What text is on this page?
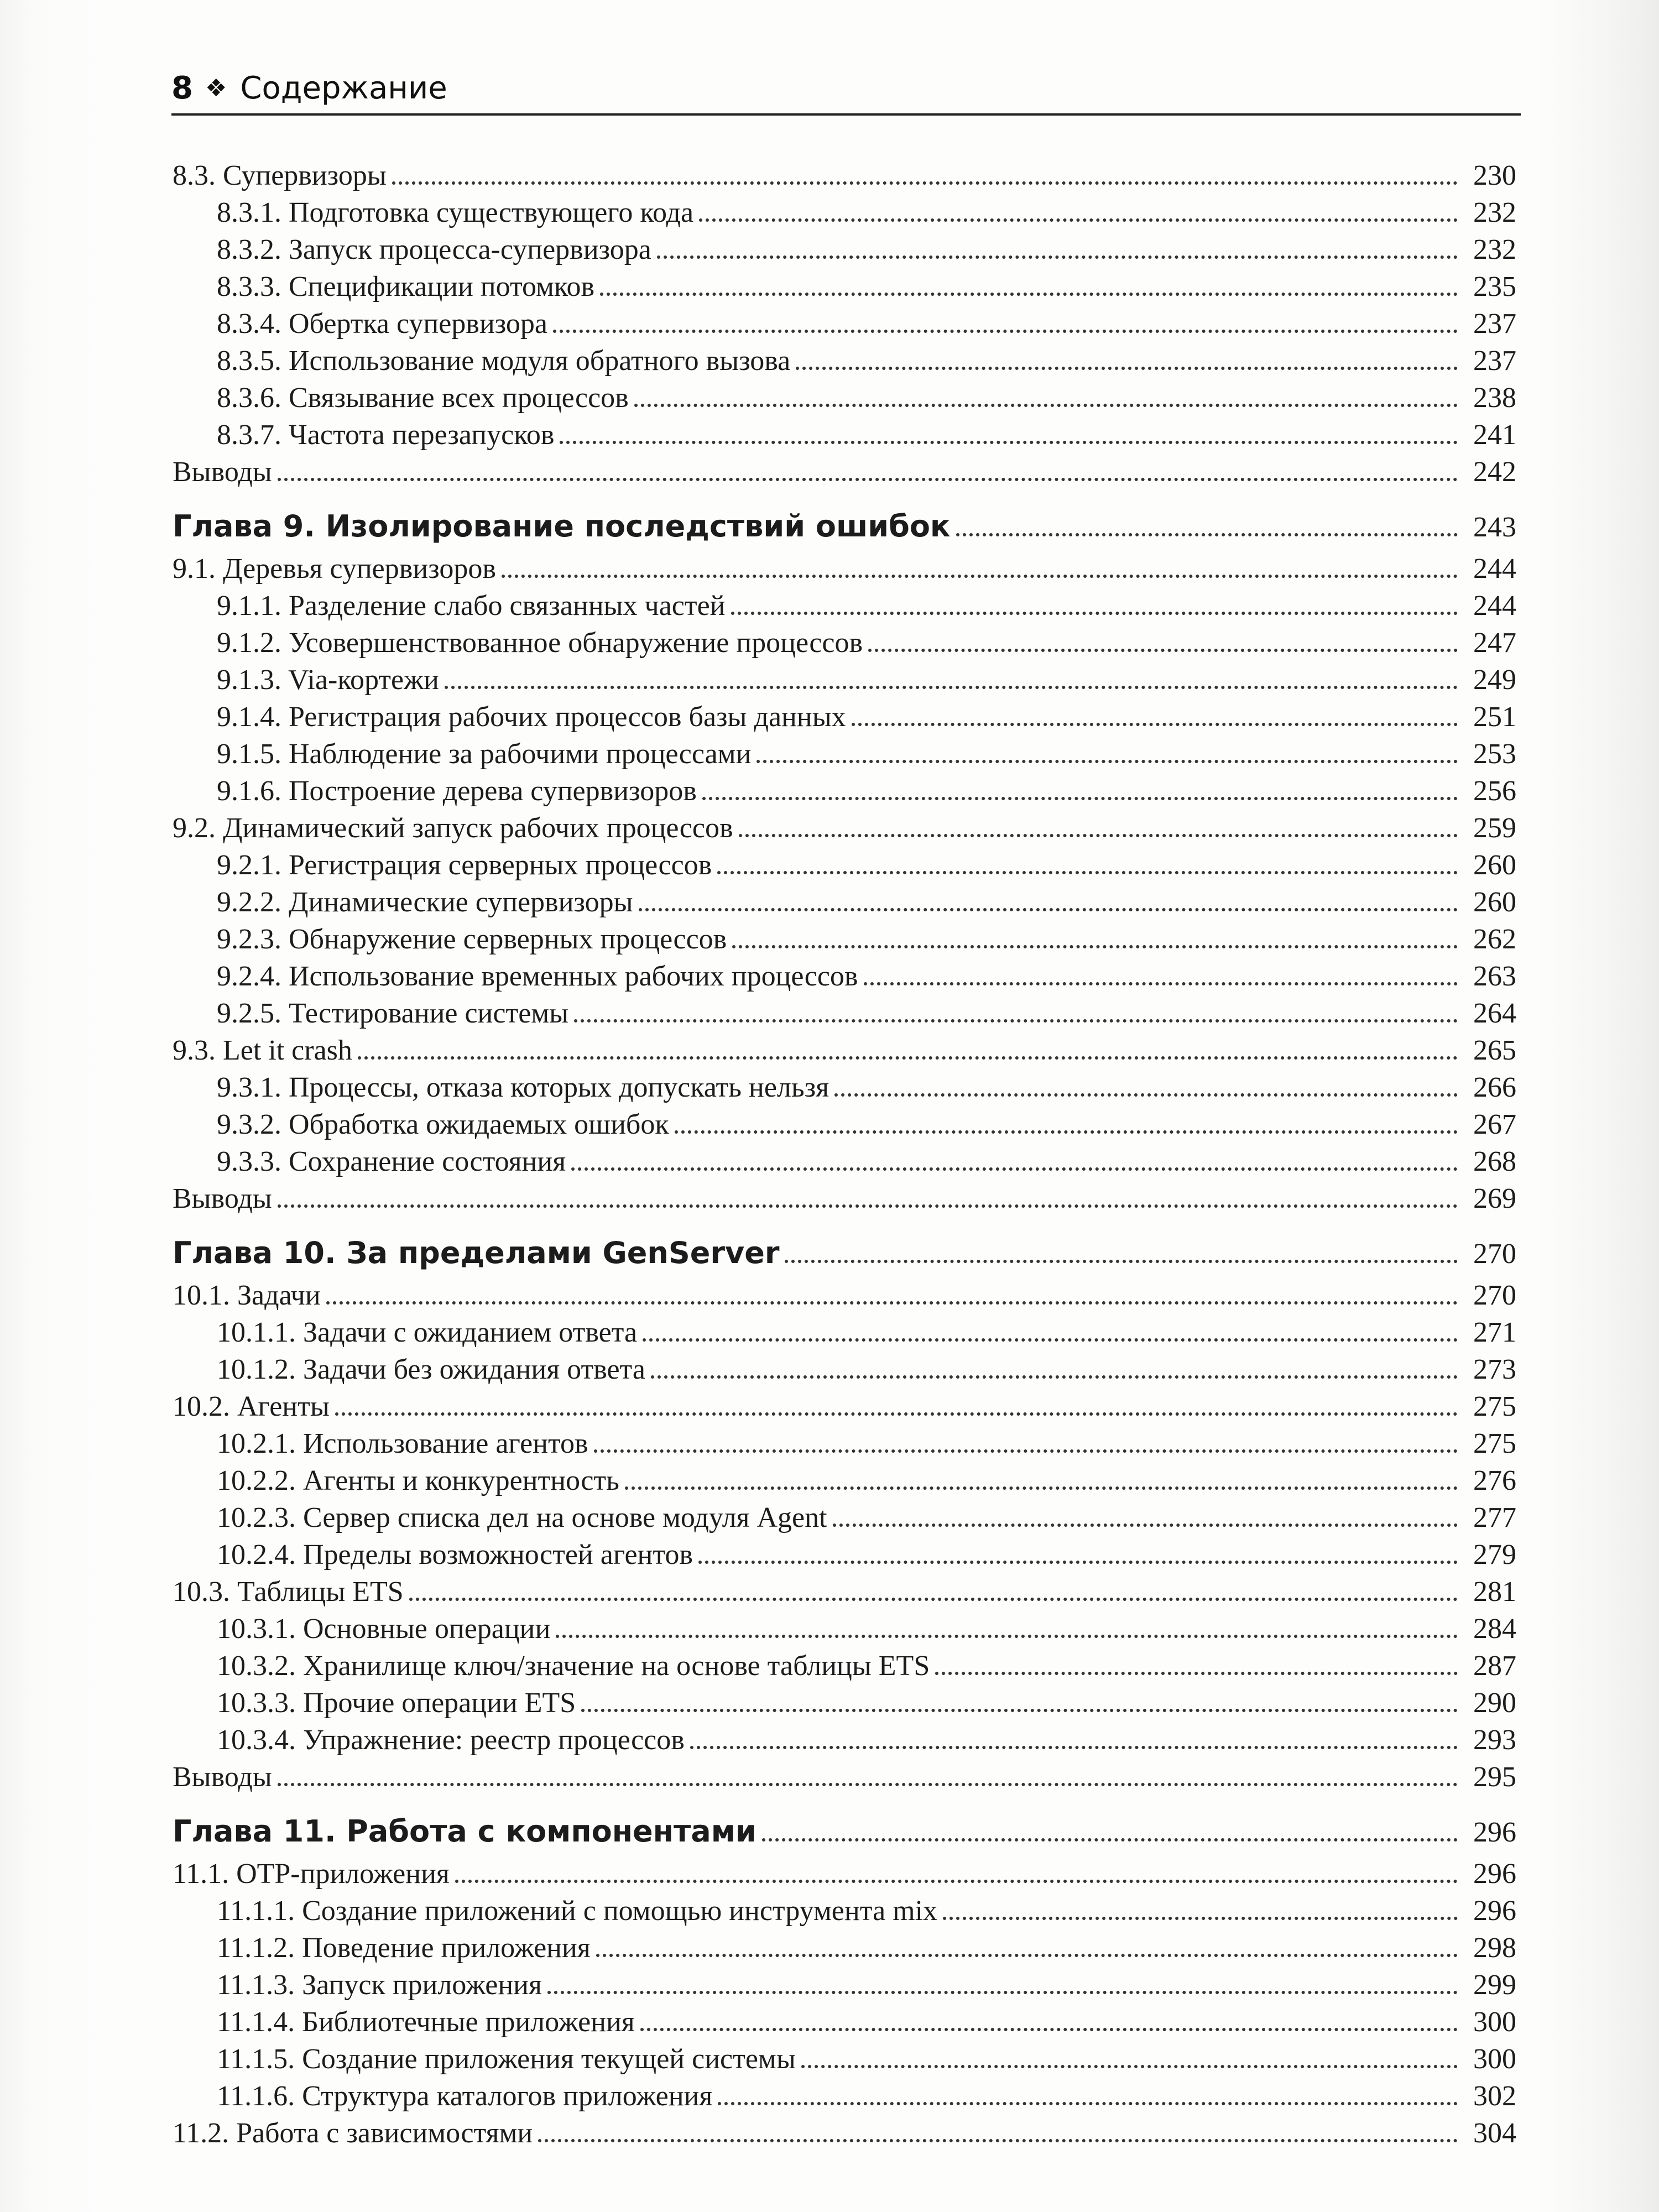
8 ❖ Содержание
8.3. Супервизоры	230
8.3.1. Подготовка существующего кода	232
8.3.2. Запуск процесса-супервизора	232
8.3.3. Спецификации потомков	235
8.3.4. Обертка супервизора	237
8.3.5. Использование модуля обратного вызова	237
8.3.6. Связывание всех процессов	238
8.3.7. Частота перезапусков	241
Выводы	242
Глава 9. Изолирование последствий ошибок	243
9.1. Деревья супервизоров	244
9.1.1. Разделение слабо связанных частей	244
9.1.2. Усовершенствованное обнаружение процессов	247
9.1.3. Via-кортежи	249
9.1.4. Регистрация рабочих процессов базы данных	251
9.1.5. Наблюдение за рабочими процессами	253
9.1.6. Построение дерева супервизоров	256
9.2. Динамический запуск рабочих процессов	259
9.2.1. Регистрация серверных процессов	260
9.2.2. Динамические супервизоры	260
9.2.3. Обнаружение серверных процессов	262
9.2.4. Использование временных рабочих процессов	263
9.2.5. Тестирование системы	264
9.3. Let it crash	265
9.3.1. Процессы, отказа которых допускать нельзя	266
9.3.2. Обработка ожидаемых ошибок	267
9.3.3. Сохранение состояния	268
Выводы	269
Глава 10. За пределами GenServer	270
10.1. Задачи	270
10.1.1. Задачи с ожиданием ответа	271
10.1.2. Задачи без ожидания ответа	273
10.2. Агенты	275
10.2.1. Использование агентов	275
10.2.2. Агенты и конкурентность	276
10.2.3. Сервер списка дел на основе модуля Agent	277
10.2.4. Пределы возможностей агентов	279
10.3. Таблицы ETS	281
10.3.1. Основные операции	284
10.3.2. Хранилище ключ/значение на основе таблицы ETS	287
10.3.3. Прочие операции ETS	290
10.3.4. Упражнение: реестр процессов	293
Выводы	295
Глава 11. Работа с компонентами	296
11.1. OTP-приложения	296
11.1.1. Создание приложений с помощью инструмента mix	296
11.1.2. Поведение приложения	298
11.1.3. Запуск приложения	299
11.1.4. Библиотечные приложения	300
11.1.5. Создание приложения текущей системы	300
11.1.6. Структура каталогов приложения	302
11.2. Работа с зависимостями	304
